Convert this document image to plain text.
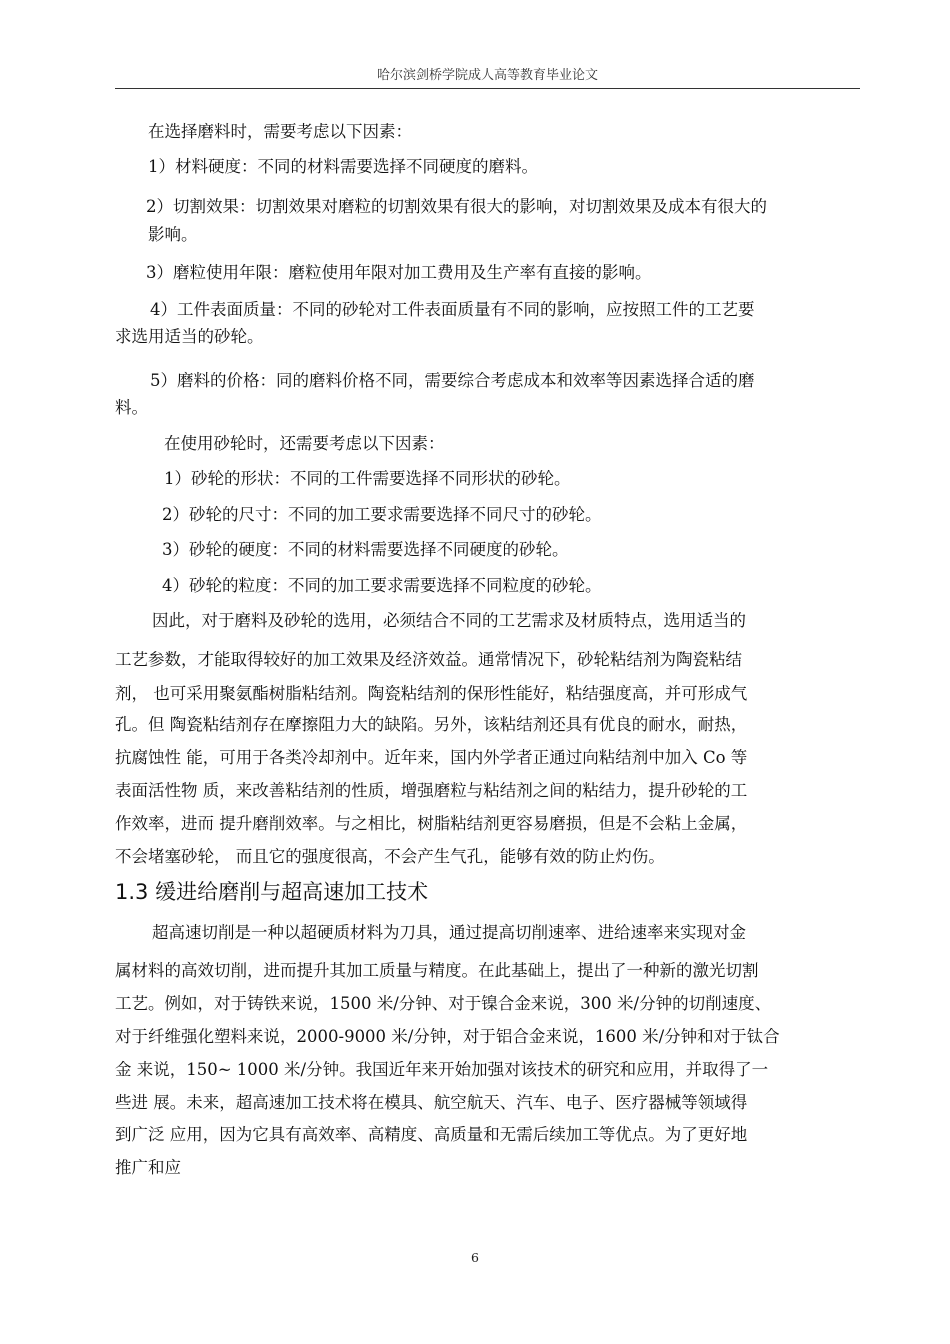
哈尔滨剑桥学院成人高等教育毕业论文
在选择磨料时，需要考虑以下因素：
1）材料硬度：不同的材料需要选择不同硬度的磨料。
2）切割效果：切割效果对磨粒的切割效果有很大的影响，对切割效果及成本有很大的
影响。
3）磨粒使用年限：磨粒使用年限对加工费用及生产率有直接的影响。
4）工件表面质量：不同的砂轮对工件表面质量有不同的影响，应按照工件的工艺要
求选用适当的砂轮。
5）磨料的价格：同的磨料价格不同，需要综合考虑成本和效率等因素选择合适的磨
料。
在使用砂轮时，还需要考虑以下因素：
1）砂轮的形状：不同的工件需要选择不同形状的砂轮。
2）砂轮的尺寸：不同的加工要求需要选择不同尺寸的砂轮。
3）砂轮的硬度：不同的材料需要选择不同硬度的砂轮。
4）砂轮的粒度：不同的加工要求需要选择不同粒度的砂轮。
因此，对于磨料及砂轮的选用，必须结合不同的工艺需求及材质特点，选用适当的
工艺参数，才能取得较好的加工效果及经济效益。通常情况下，砂轮粘结剂为陶瓷粘结
剂， 也可采用聚氨酯树脂粘结剂。陶瓷粘结剂的保形性能好，粘结强度高，并可形成气
孔。但 陶瓷粘结剂存在摩擦阻力大的缺陷。另外，该粘结剂还具有优良的耐水，耐热，
抗腐蚀性 能，可用于各类冷却剂中。近年来，国内外学者正通过向粘结剂中加入 Co 等
表面活性物 质，来改善粘结剂的性质，增强磨粒与粘结剂之间的粘结力，提升砂轮的工
作效率，进而 提升磨削效率。与之相比，树脂粘结剂更容易磨损，但是不会粘上金属，
不会堵塞砂轮， 而且它的强度很高，不会产生气孔，能够有效的防止灼伤。
1.3 缓进给磨削与超高速加工技术
超高速切削是一种以超硬质材料为刀具，通过提高切削速率、进给速率来实现对金
属材料的高效切削，进而提升其加工质量与精度。在此基础上，提出了一种新的激光切割
工艺。例如，对于铸铁来说，1500 米/分钟、对于镍合金来说，300 米/分钟的切削速度、
对于纤维强化塑料来说，2000-9000 米/分钟，对于铝合金来说，1600 米/分钟和对于钛合
金 来说，150~ 1000 米/分钟。我国近年来开始加强对该技术的研究和应用，并取得了一
些进 展。未来，超高速加工技术将在模具、航空航天、汽车、电子、医疗器械等领域得
到广泛 应用，因为它具有高效率、高精度、高质量和无需后续加工等优点。为了更好地
推广和应
6
